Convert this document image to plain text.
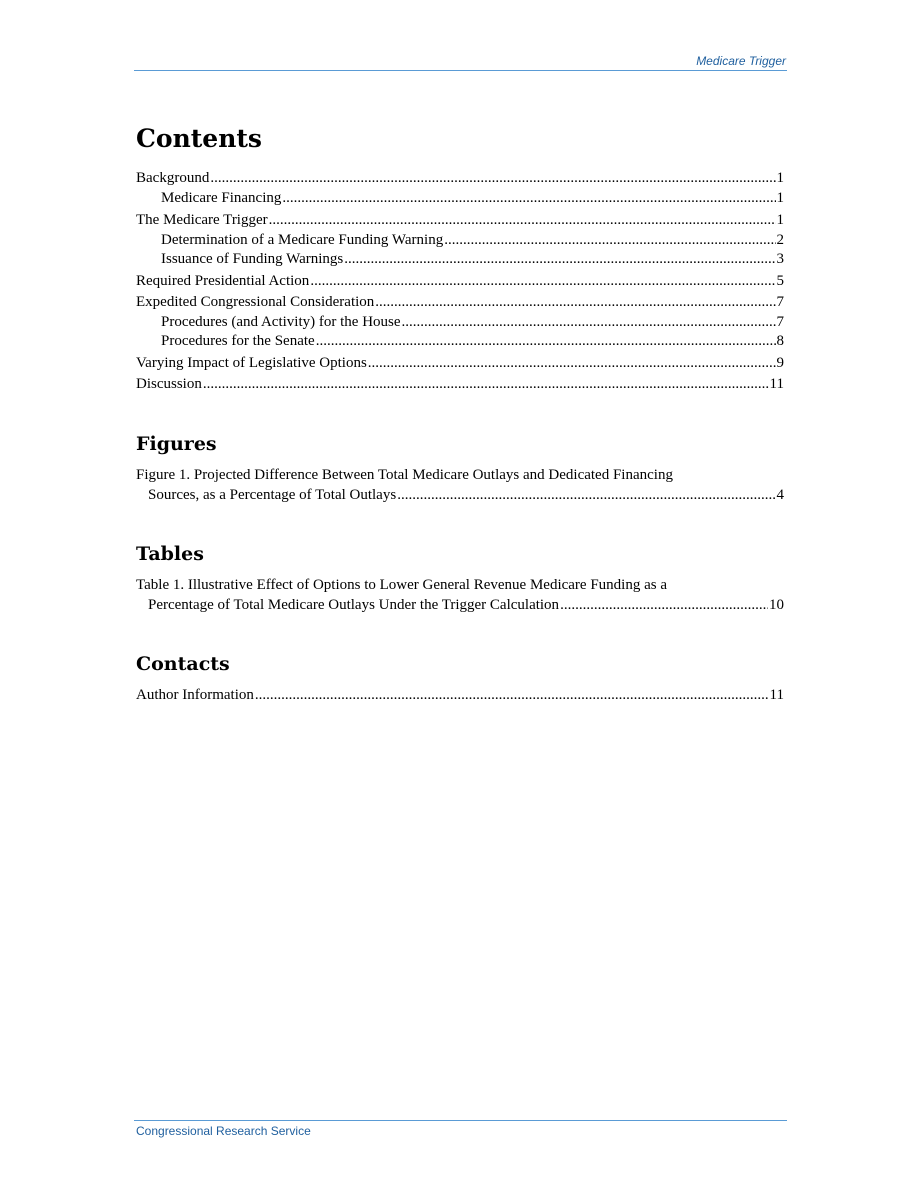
Medicare Trigger
Contents
Background .....	1
Medicare Financing .....	1
The Medicare Trigger .....	1
Determination of a Medicare Funding Warning .....	2
Issuance of Funding Warnings .....	3
Required Presidential Action .....	5
Expedited Congressional Consideration .....	7
Procedures (and Activity) for the House .....	7
Procedures for the Senate .....	8
Varying Impact of Legislative Options .....	9
Discussion .....	11
Figures
Figure 1. Projected Difference Between Total Medicare Outlays and Dedicated Financing
Sources, as a Percentage of Total Outlays .....	4
Tables
Table 1. Illustrative Effect of Options to Lower General Revenue Medicare Funding as a
Percentage of Total Medicare Outlays Under the Trigger Calculation .....	10
Contacts
Author Information .....	11
Congressional Research Service
